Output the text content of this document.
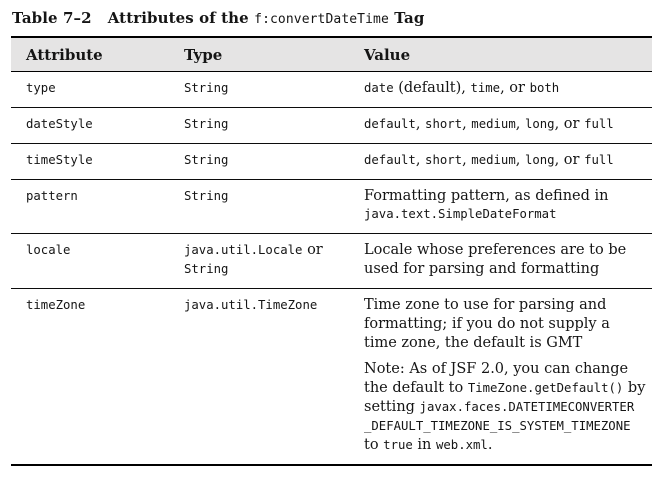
Table 7–2 Attributes of the f:convertDateTime Tag
Attribute	Type	Value
type	String	date (default), time, or both

dateStyle	String	default, short, medium, long, or full

timeStyle	String	default, short, medium, long, or full

pattern	String	Formatting pattern, as defined in java.text.SimpleDateFormat

locale	java.util.Locale or String	Locale whose preferences are to be used for parsing and formatting

timeZone	java.util.TimeZone	Time zone to use for parsing and formatting; if you do not supply a time zone, the default is GMT

Note: As of JSF 2.0, you can change the default to TimeZone.getDefault() by setting javax.faces.DATETIMECONVERTER
_DEFAULT_TIMEZONE_IS_SYSTEM_TIMEZONE to true in web.xml.
